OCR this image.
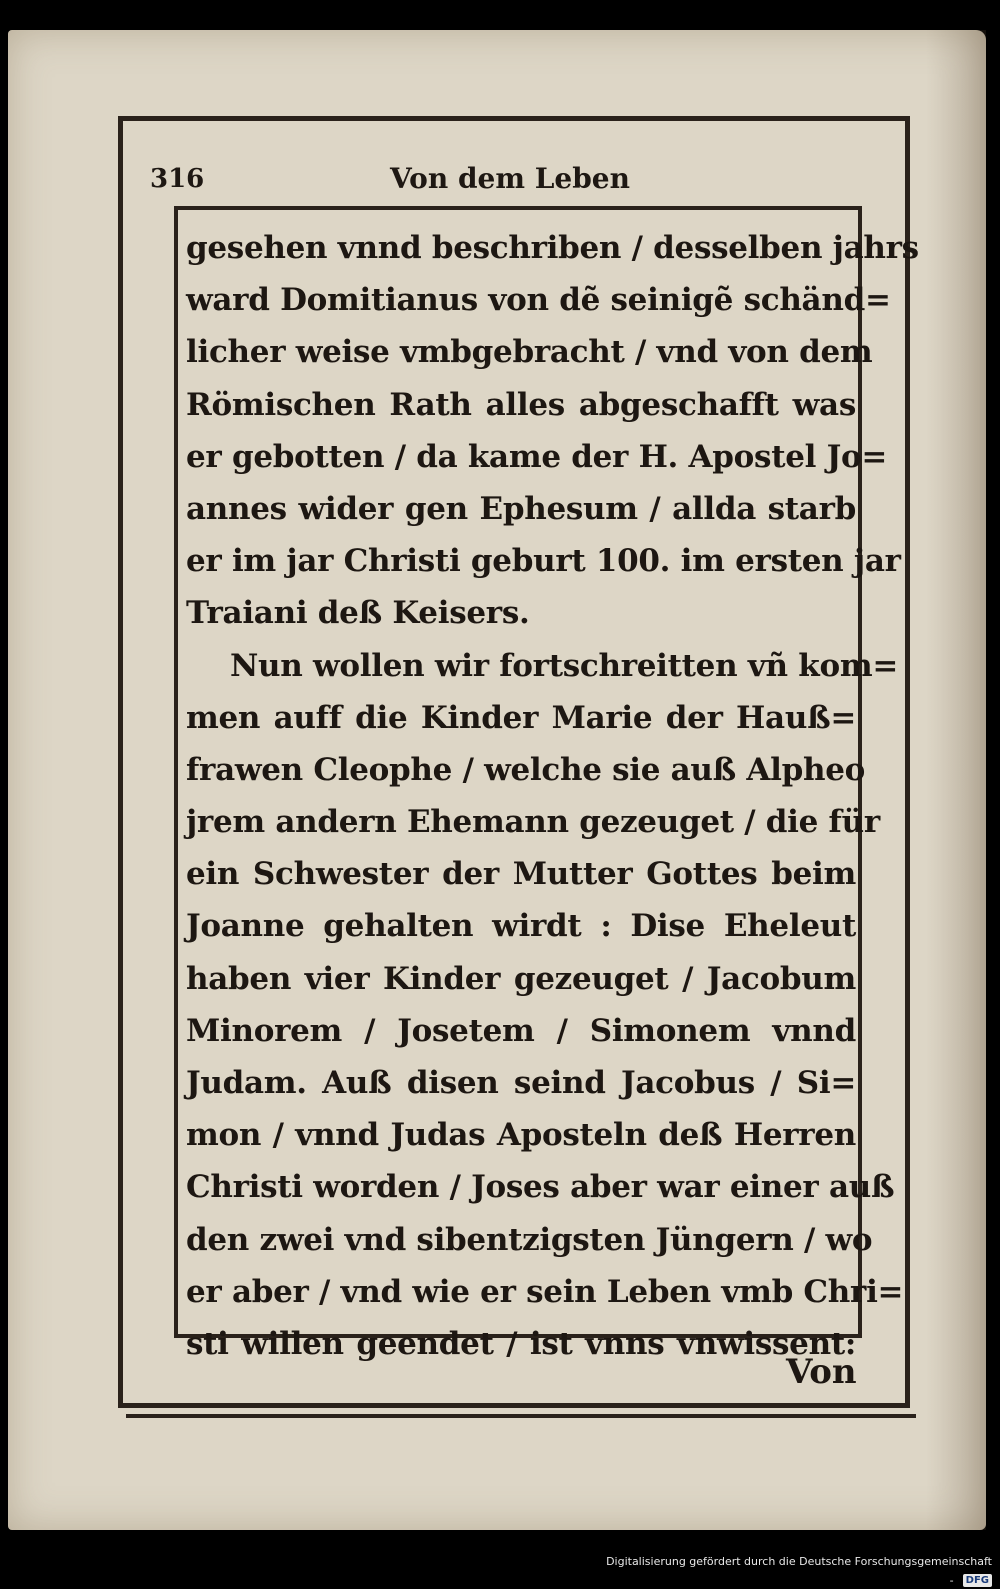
316	Von dem Leben
gesehen vnnd beschriben / desselben jahrs
ward Domitianus von dẽ seinigẽ schänd=
licher weise vmbgebracht / vnd von dem
Römischen Rath alles abgeschafft was
er gebotten / da kame der H. Apostel Jo=
annes wider gen Ephesum / allda starb
er im jar Christi geburt 100. im ersten jar
Traiani deß Keisers.
Nun wollen wir fortschreitten vñ kom=
men auff die Kinder Marie der Hauß=
frawen Cleophe / welche sie auß Alpheo
jrem andern Ehemann gezeuget / die für
ein Schwester der Mutter Gottes beim
Joanne gehalten wirdt : Dise Eheleut
haben vier Kinder gezeuget / Jacobum
Minorem / Josetem / Simonem vnnd
Judam. Auß disen seind Jacobus / Si=
mon / vnnd Judas Aposteln deß Herren
Christi worden / Joses aber war einer auß
den zwei vnd sibentzigsten Jüngern / wo
er aber / vnd wie er sein Leben vmb Chri=
sti willen geendet / ist vnns vnwissent:
Von
Digitalisierung gefördert durch die Deutsche Forschungsgemeinschaft - DFG
